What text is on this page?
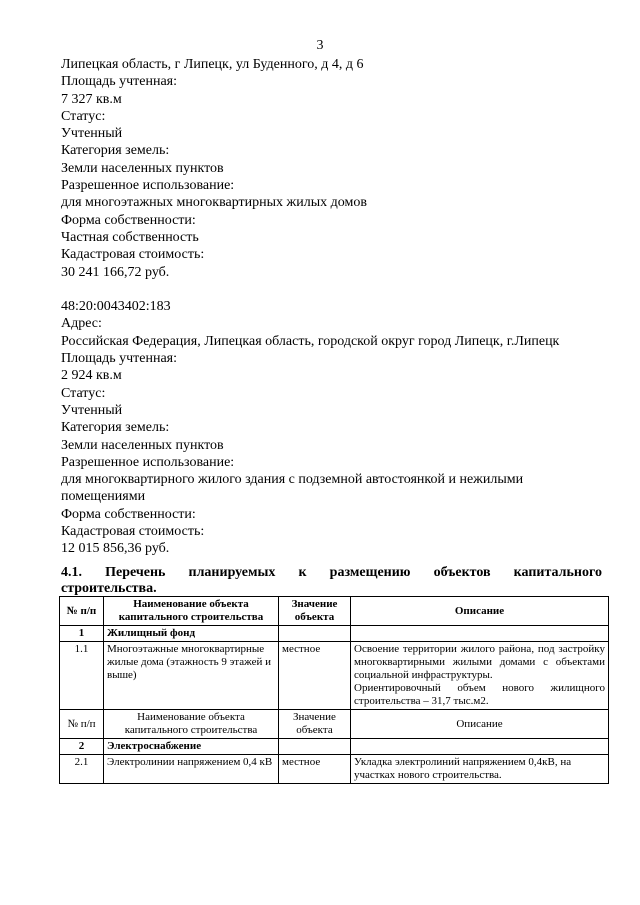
3
Липецкая область, г Липецк, ул Буденного, д 4, д 6
Площадь учтенная:
7 327 кв.м
Статус:
Учтенный
Категория земель:
Земли населенных пунктов
Разрешенное использование:
для многоэтажных многоквартирных жилых домов
Форма собственности:
Частная собственность
Кадастровая стоимость:
30 241 166,72 руб.
48:20:0043402:183
Адрес:
Российская Федерация, Липецкая область, городской округ город Липецк, г.Липецк
Площадь учтенная:
2 924 кв.м
Статус:
Учтенный
Категория земель:
Земли населенных пунктов
Разрешенное использование:
для многоквартирного жилого здания с подземной автостоянкой и нежилыми помещениями
Форма собственности:
Кадастровая стоимость:
12 015 856,36 руб.
4.1. Перечень планируемых к размещению объектов капитального
строительства.
№ п/п	Наименование объекта капитального строительства	Значение объекта	Описание
1	Жилищный фонд		
1.1	Многоэтажные многоквартирные жилые дома (этажность 9 этажей и выше)	местное	Освоение территории жилого района, под застройку многоквартирными жилыми домами с объектами социальной инфраструктуры.
Ориентировочный объем нового жилищного строительства – 31,7 тыс.м2.

№ п/п	Наименование объекта капитального строительства	Значение объекта	Описание
2	Электроснабжение		
2.1	Электролинии напряжением 0,4 кВ	местное	Укладка электролиний напряжением 0,4кВ, на участках нового строительства.
